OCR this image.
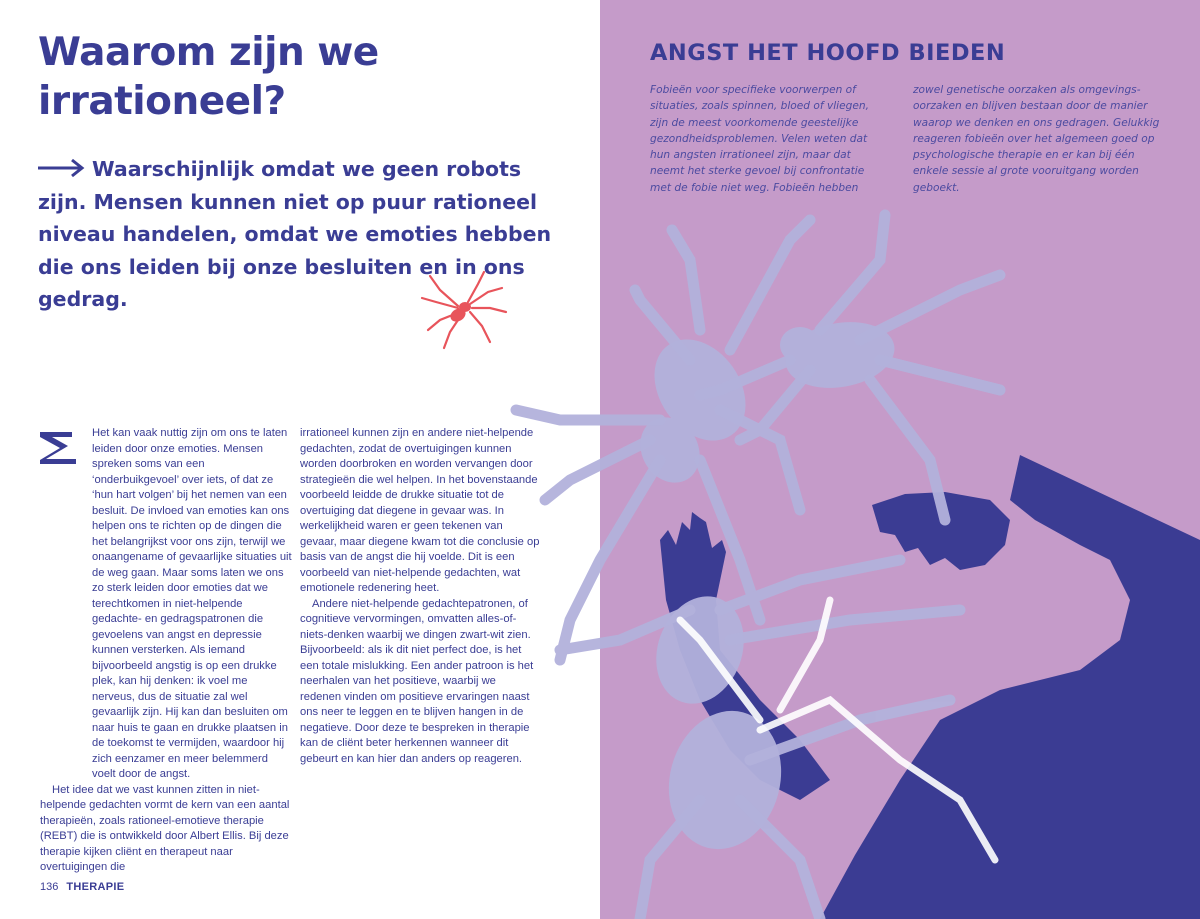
Waarom zijn we irrationeel?

Waarschijnlijk omdat we geen robots zijn. Mensen kunnen niet op puur rationeel niveau handelen, omdat we emoties hebben die ons leiden bij onze besluiten en in ons gedrag.

Het kan vaak nuttig zijn om ons te laten leiden door onze emoties. Mensen spreken soms van een ‘onderbuikgevoel’ over iets, of dat ze ‘hun hart volgen’ bij het nemen van een besluit. De invloed van emoties kan ons helpen ons te richten op de dingen die het belangrijkst voor ons zijn, terwijl we onaangename of gevaarlijke situaties uit de weg gaan. Maar soms laten we ons zo sterk leiden door emoties dat we terechtkomen in niet-helpende gedachte- en gedragspatronen die gevoelens van angst en depressie kunnen versterken. Als iemand bijvoorbeeld angstig is op een drukke plek, kan hij denken: ik voel me nerveus, dus de situatie zal wel gevaarlijk zijn. Hij kan dan besluiten om naar huis te gaan en drukke plaatsen in de toekomst te vermijden, waardoor hij zich eenzamer en meer belemmerd voelt door de angst.

Het idee dat we vast kunnen zitten in niet-helpende gedachten vormt de kern van een aantal therapieën, zoals rationeel-emotieve therapie (REBT) die is ontwikkeld door Albert Ellis. Bij deze therapie kijken cliënt en therapeut naar overtuigingen die

irrationeel kunnen zijn en andere niet-helpende gedachten, zodat de overtuigingen kunnen worden doorbroken en worden vervangen door strategieën die wel helpen. In het bovenstaande voorbeeld leidde de drukke situatie tot de overtuiging dat diegene in gevaar was. In werkelijkheid waren er geen tekenen van gevaar, maar diegene kwam tot die conclusie op basis van de angst die hij voelde. Dit is een voorbeeld van niet-helpende gedachten, wat emotionele redenering heet.

Andere niet-helpende gedachtepatronen, of cognitieve vervormingen, omvatten alles-of-niets-denken waarbij we dingen zwart-wit zien. Bijvoorbeeld: als ik dit niet perfect doe, is het een totale mislukking. Een ander patroon is het neerhalen van het positieve, waarbij we redenen vinden om positieve ervaringen naast ons neer te leggen en te blijven hangen in de negatieve. Door deze te bespreken in therapie kan de cliënt beter herkennen wanneer dit gebeurt en kan hier dan anders op reageren.

136 THERAPIE
ANGST HET HOOFD BIEDEN
Fobieën voor specifieke voorwerpen of situaties, zoals spinnen, bloed of vliegen, zijn de meest voorkomende geestelijke gezondheidsproblemen. Velen weten dat hun angsten irrationeel zijn, maar dat neemt het sterke gevoel bij confrontatie met de fobie niet weg. Fobieën hebben
zowel genetische oorzaken als omgevings-oorzaken en blijven bestaan door de manier waarop we denken en ons gedragen. Gelukkig reageren fobieën over het algemeen goed op psychologische therapie en er kan bij één enkele sessie al grote vooruitgang worden geboekt.
